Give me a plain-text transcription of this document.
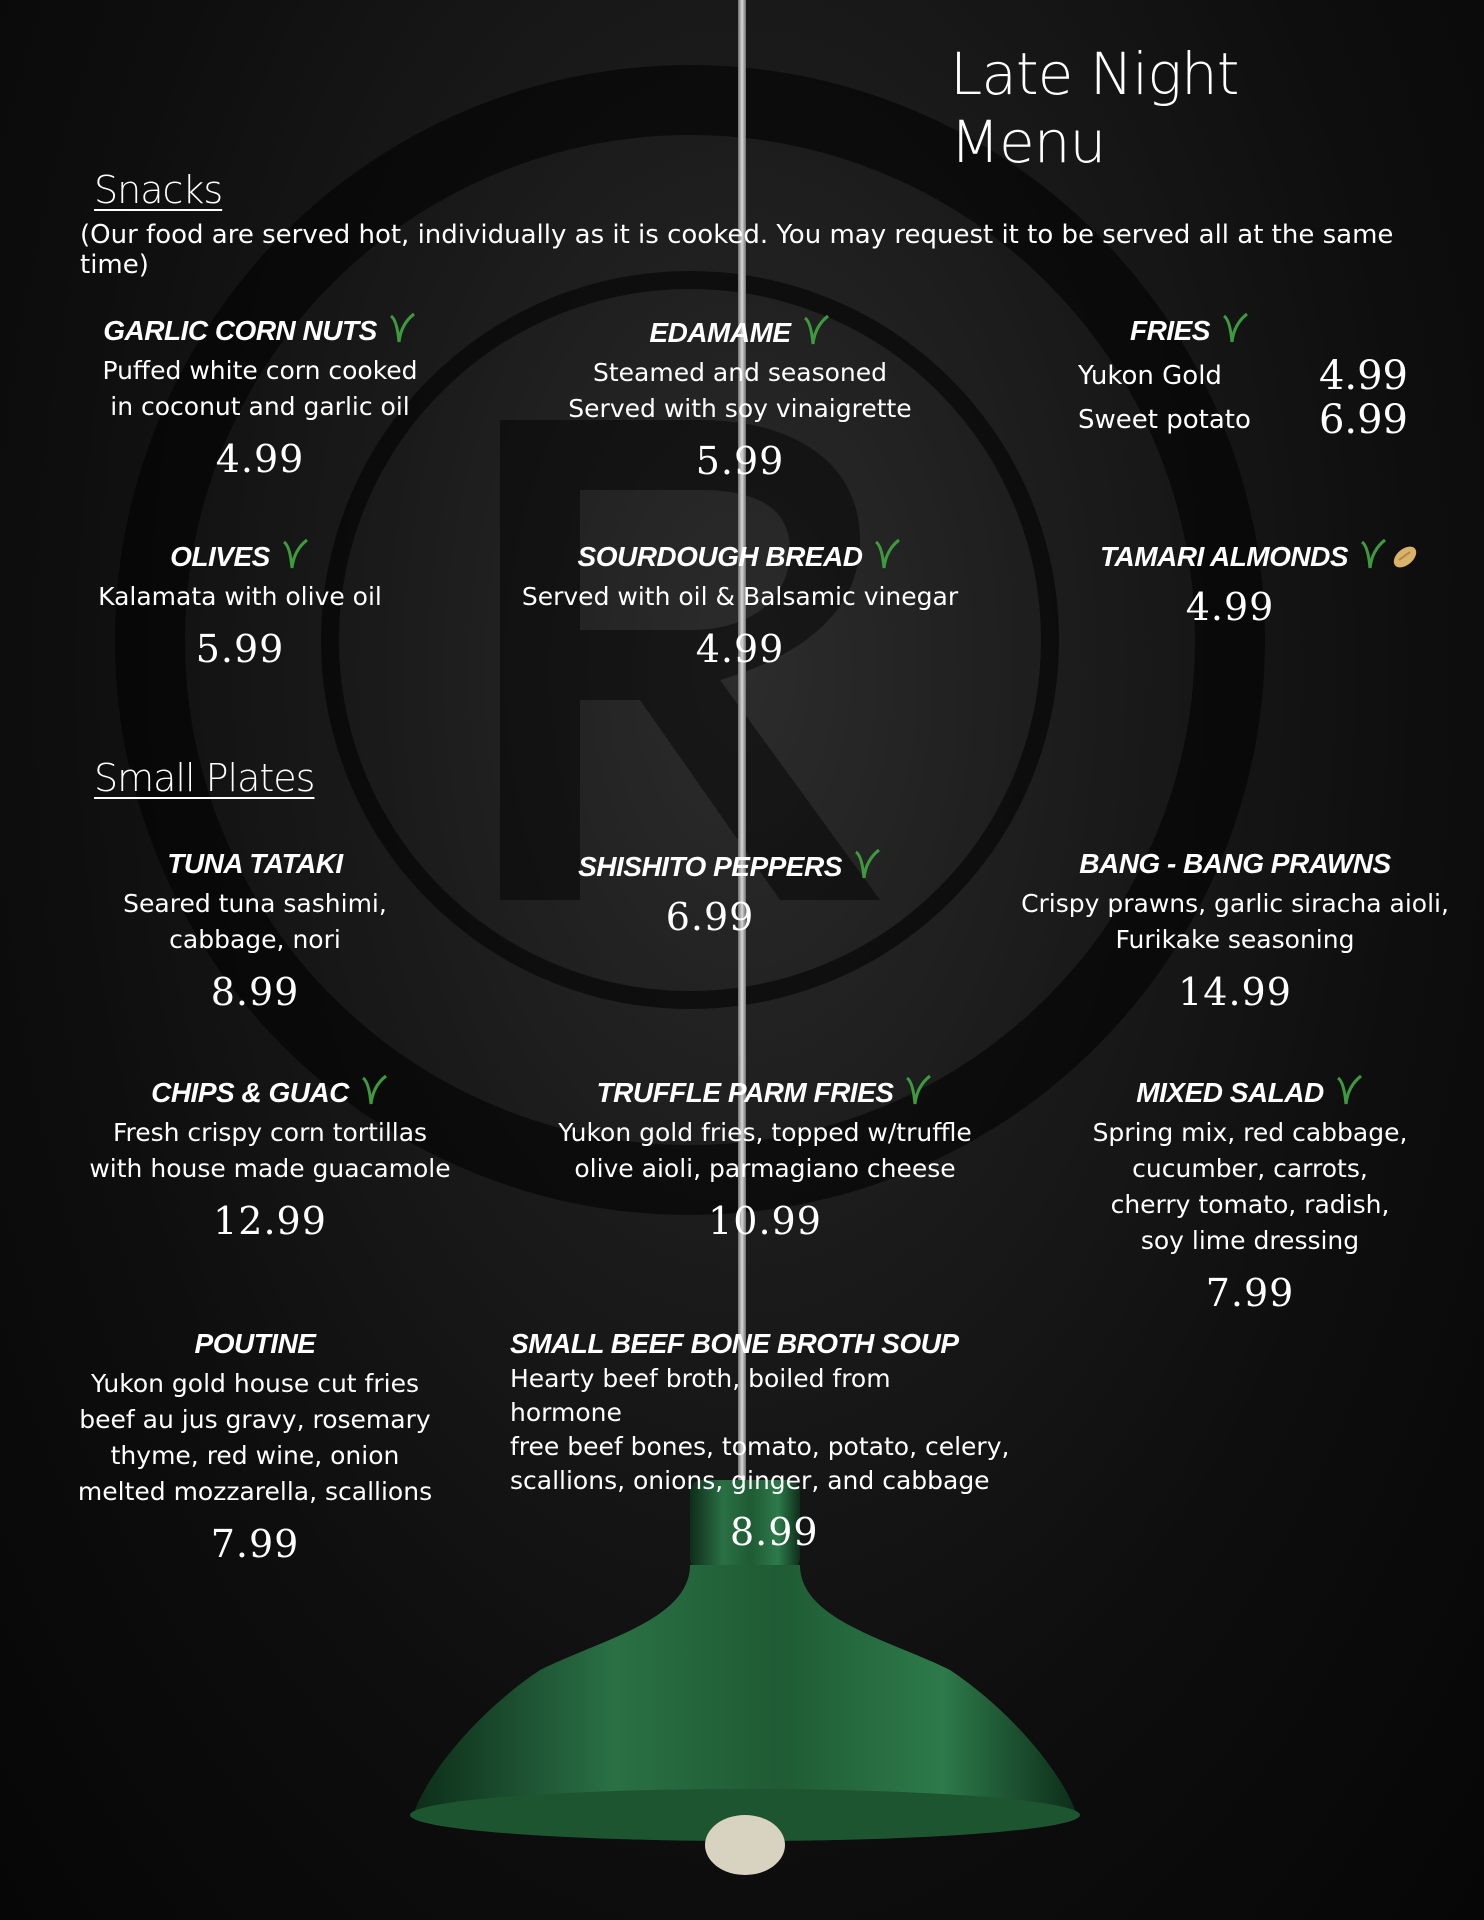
Late Night Menu
Snacks
(Our food are served hot, individually as it is cooked. You may request it to be served all at the same time)
GARLIC CORN NUTS
Puffed white corn cooked
in coconut and garlic oil
4.99
EDAMAME
Steamed and seasoned
Served with soy vinaigrette
5.99
FRIES
Yukon Gold 4.99
Sweet potato 6.99
OLIVES
Kalamata with olive oil
5.99
SOURDOUGH BREAD
Served with oil & Balsamic vinegar
4.99
TAMARI ALMONDS
4.99
Small Plates
TUNA TATAKI
Seared tuna sashimi,
cabbage, nori
8.99
SHISHITO PEPPERS
6.99
BANG - BANG PRAWNS
Crispy prawns, garlic siracha aioli,
Furikake seasoning
14.99
CHIPS & GUAC
Fresh crispy corn tortillas
with house made guacamole
12.99
TRUFFLE PARM FRIES
Yukon gold fries, topped w/truffle
olive aioli, parmagiano cheese
10.99
MIXED SALAD
Spring mix, red cabbage,
cucumber, carrots,
cherry tomato, radish,
soy lime dressing
7.99
POUTINE
Yukon gold house cut fries
beef au jus gravy, rosemary
thyme, red wine, onion
melted mozzarella, scallions
7.99
SMALL BEEF BONE BROTH SOUP
Hearty beef broth, boiled from hormone
free beef bones, tomato, potato, celery,
scallions, onions, ginger, and cabbage
8.99
